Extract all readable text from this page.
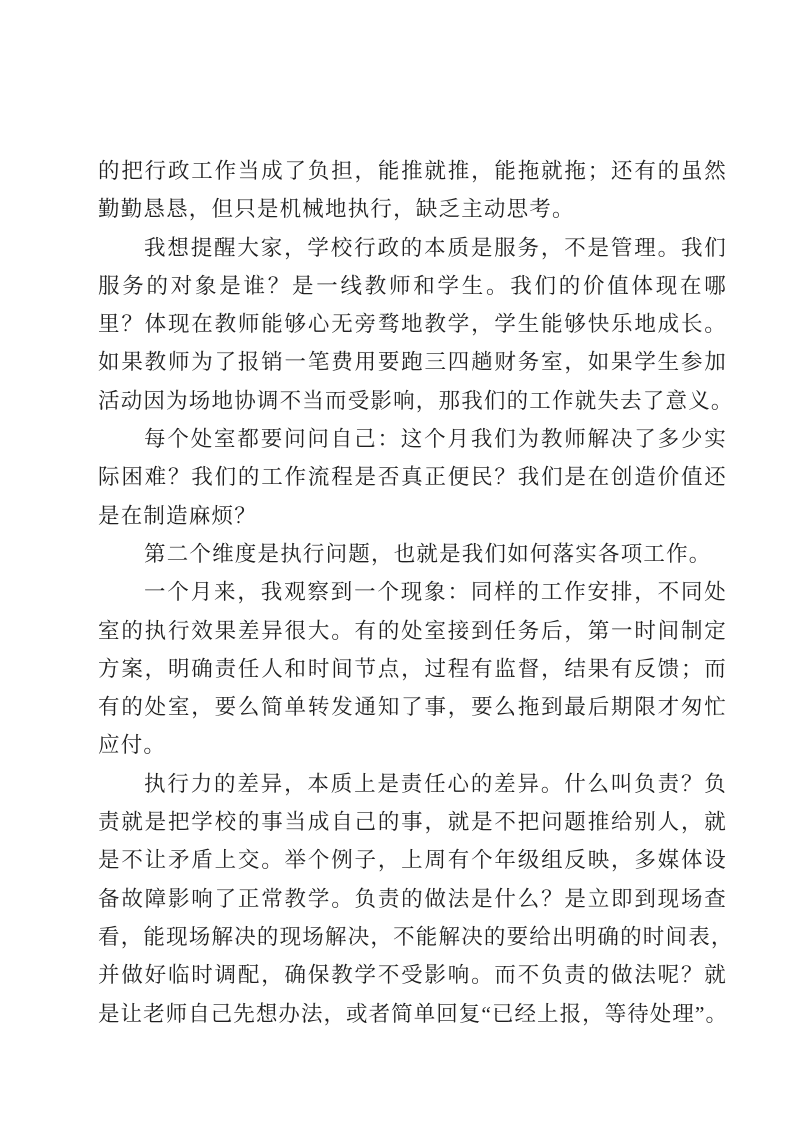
的把行政工作当成了负担，能推就推，能拖就拖；还有的虽然
勤勤恳恳，但只是机械地执行，缺乏主动思考。
我想提醒大家，学校行政的本质是服务，不是管理。我们
服务的对象是谁？是一线教师和学生。我们的价值体现在哪
里？体现在教师能够心无旁骛地教学，学生能够快乐地成长。
如果教师为了报销一笔费用要跑三四趟财务室，如果学生参加
活动因为场地协调不当而受影响，那我们的工作就失去了意义。
每个处室都要问问自己：这个月我们为教师解决了多少实
际困难？我们的工作流程是否真正便民？我们是在创造价值还
是在制造麻烦？
第二个维度是执行问题，也就是我们如何落实各项工作。
一个月来，我观察到一个现象：同样的工作安排，不同处
室的执行效果差异很大。有的处室接到任务后，第一时间制定
方案，明确责任人和时间节点，过程有监督，结果有反馈；而
有的处室，要么简单转发通知了事，要么拖到最后期限才匆忙
应付。
执行力的差异，本质上是责任心的差异。什么叫负责？负
责就是把学校的事当成自己的事，就是不把问题推给别人，就
是不让矛盾上交。举个例子，上周有个年级组反映，多媒体设
备故障影响了正常教学。负责的做法是什么？是立即到现场查
看，能现场解决的现场解决，不能解决的要给出明确的时间表，
并做好临时调配，确保教学不受影响。而不负责的做法呢？就
是让老师自己先想办法，或者简单回复“已经上报，等待处理”。
